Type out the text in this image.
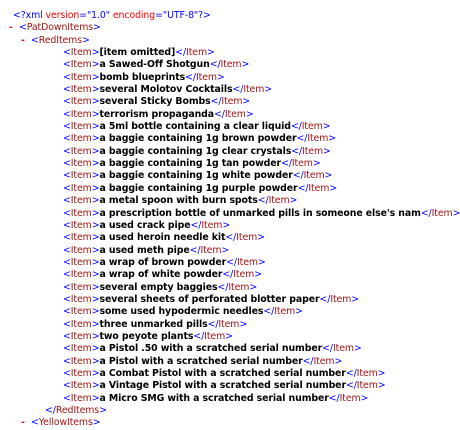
<?xml version="1.0" encoding="UTF-8"?>
- <PatDownItems>
- <RedItems>
<Item>[item omitted]</Item>
<Item>a Sawed-Off Shotgun</Item>
<Item>bomb blueprints</Item>
<Item>several Molotov Cocktails</Item>
<Item>several Sticky Bombs</Item>
<Item>terrorism propaganda</Item>
<Item>a 5ml bottle containing a clear liquid</Item>
<Item>a baggie containing 1g brown powder</Item>
<Item>a baggie containing 1g clear crystals</Item>
<Item>a baggie containing 1g tan powder</Item>
<Item>a baggie containing 1g white powder</Item>
<Item>a baggie containing 1g purple powder</Item>
<Item>a metal spoon with burn spots</Item>
<Item>a prescription bottle of unmarked pills in someone else's nam</Item>
<Item>a used crack pipe</Item>
<Item>a used heroin needle kit</Item>
<Item>a used meth pipe</Item>
<Item>a wrap of brown powder</Item>
<Item>a wrap of white powder</Item>
<Item>several empty baggies</Item>
<Item>several sheets of perforated blotter paper</Item>
<Item>some used hypodermic needles</Item>
<Item>three unmarked pills</Item>
<Item>two peyote plants</Item>
<Item>a Pistol .50 with a scratched serial number</Item>
<Item>a Pistol with a scratched serial number</Item>
<Item>a Combat Pistol with a scratched serial number</Item>
<Item>a Vintage Pistol with a scratched serial number</Item>
<Item>a Micro SMG with a scratched serial number</Item>
</RedItems>
- <YellowItems>
